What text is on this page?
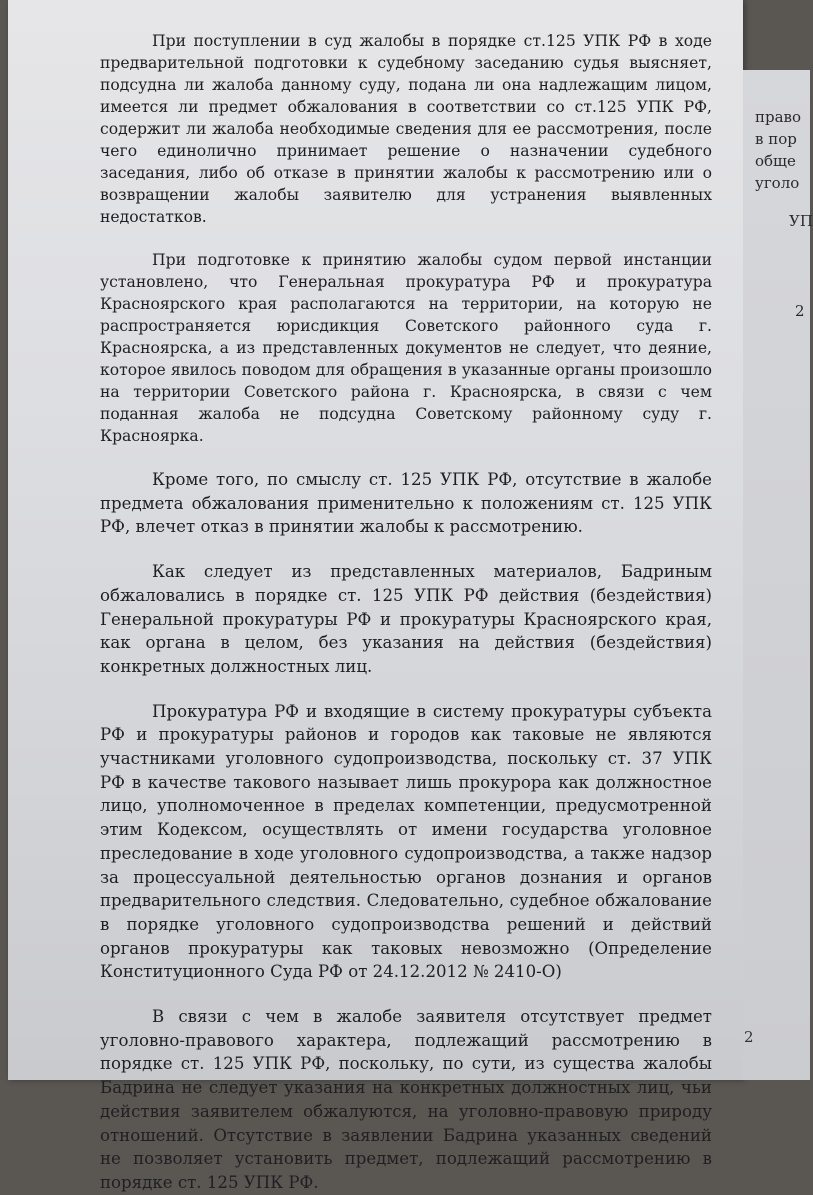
При поступлении в суд жалобы в порядке ст.125 УПК РФ в ходе предварительной подготовки к судебному заседанию судья выясняет, подсудна ли жалоба данному суду, подана ли она надлежащим лицом, имеется ли предмет обжалования в соответствии со ст.125 УПК РФ, содержит ли жалоба необходимые сведения для ее рассмотрения, после чего единолично принимает решение о назначении судебного заседания, либо об отказе в принятии жалобы к рассмотрению или о возвращении жалобы заявителю для устранения выявленных недостатков.

При подготовке к принятию жалобы судом первой инстанции установлено, что Генеральная прокуратура РФ и прокуратура Красноярского края располагаются на территории, на которую не распространяется юрисдикция Советского районного суда г. Красноярска, а из представленных документов не следует, что деяние, которое явилось поводом для обращения в указанные органы произошло на территории Советского района г. Красноярска, в связи с чем поданная жалоба не подсудна Советскому районному суду г. Красноярка.

Кроме того, по смыслу ст. 125 УПК РФ, отсутствие в жалобе предмета обжалования применительно к положениям ст. 125 УПК РФ, влечет отказ в принятии жалобы к рассмотрению.

Как следует из представленных материалов, Бадриным обжаловались в порядке ст. 125 УПК РФ действия (бездействия) Генеральной прокуратуры РФ и прокуратуры Красноярского края, как органа в целом, без указания на действия (бездействия) конкретных должностных лиц.

Прокуратура РФ и входящие в систему прокуратуры субъекта РФ и прокуратуры районов и городов как таковые не являются участниками уголовного судопроизводства, поскольку ст. 37 УПК РФ в качестве такового называет лишь прокурора как должностное лицо, уполномоченное в пределах компетенции, предусмотренной этим Кодексом, осуществлять от имени государства уголовное преследование в ходе уголовного судопроизводства, а также надзор за процессуальной деятельностью органов дознания и органов предварительного следствия. Следовательно, судебное обжалование в порядке уголовного судопроизводства решений и действий органов прокуратуры как таковых невозможно (Определение Конституционного Суда РФ от 24.12.2012 № 2410-О)

В связи с чем в жалобе заявителя отсутствует предмет уголовно-правового характера, подлежащий рассмотрению в порядке ст. 125 УПК РФ, поскольку, по сути, из существа жалобы Бадрина не следует указания на конкретных должностных лиц, чьи действия заявителем обжалуются, на уголовно-правовую природу отношений. Отсутствие в заявлении Бадрина указанных сведений не позволяет установить предмет, подлежащий рассмотрению в порядке ст. 125 УПК РФ.

право
в пор
обще
уголо
УП
2

2
